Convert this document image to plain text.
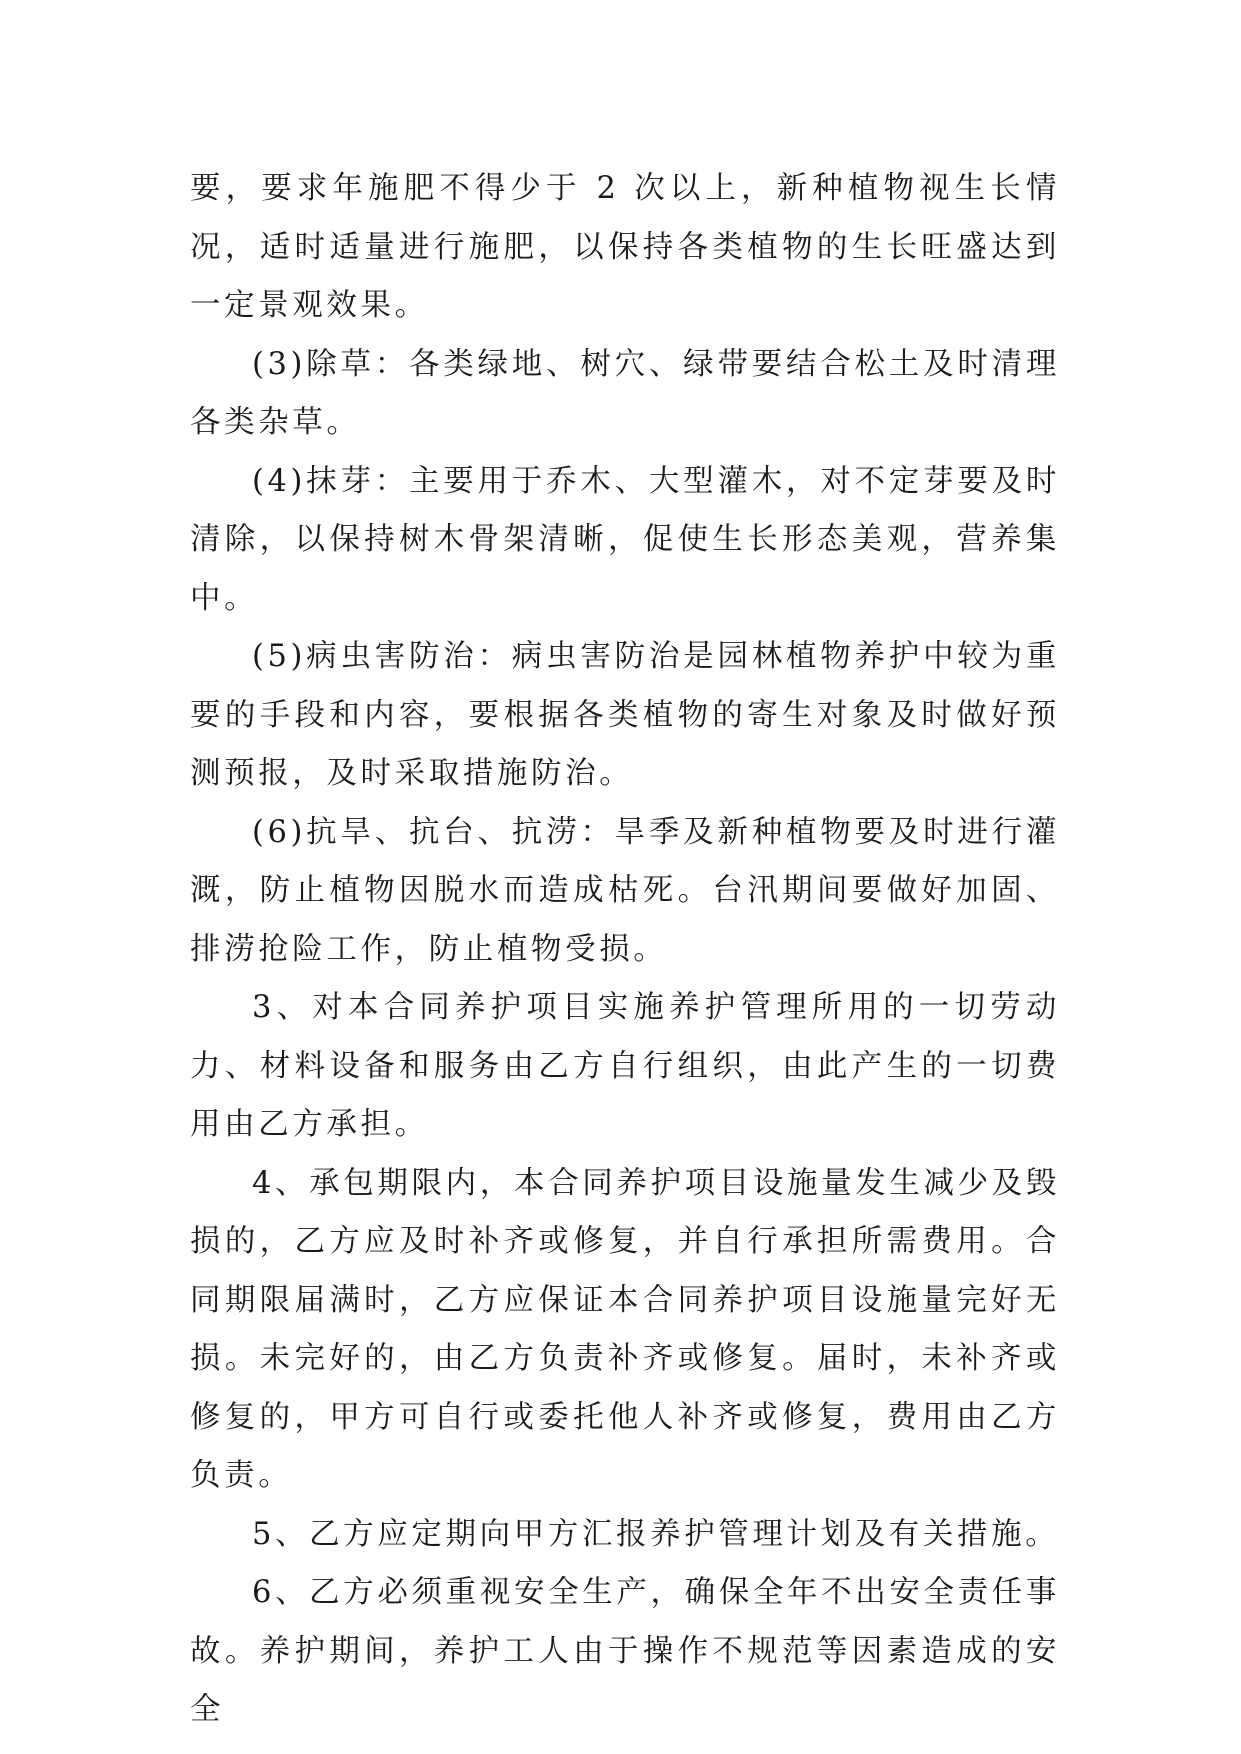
要，要求年施肥不得少于 2 次以上，新种植物视生长情况，适时适量进行施肥，以保持各类植物的生长旺盛达到一定景观效果。

(3)除草：各类绿地、树穴、绿带要结合松土及时清理各类杂草。

(4)抹芽：主要用于乔木、大型灌木，对不定芽要及时清除，以保持树木骨架清晰，促使生长形态美观，营养集中。

(5)病虫害防治：病虫害防治是园林植物养护中较为重要的手段和内容，要根据各类植物的寄生对象及时做好预测预报，及时采取措施防治。

(6)抗旱、抗台、抗涝：旱季及新种植物要及时进行灌溉，防止植物因脱水而造成枯死。台汛期间要做好加固、排涝抢险工作，防止植物受损。

3、对本合同养护项目实施养护管理所用的一切劳动力、材料设备和服务由乙方自行组织，由此产生的一切费用由乙方承担。

4、承包期限内，本合同养护项目设施量发生减少及毁损的，乙方应及时补齐或修复，并自行承担所需费用。合同期限届满时，乙方应保证本合同养护项目设施量完好无损。未完好的，由乙方负责补齐或修复。届时，未补齐或修复的，甲方可自行或委托他人补齐或修复，费用由乙方负责。

5、乙方应定期向甲方汇报养护管理计划及有关措施。

6、乙方必须重视安全生产，确保全年不出安全责任事故。养护期间，养护工人由于操作不规范等因素造成的安全
